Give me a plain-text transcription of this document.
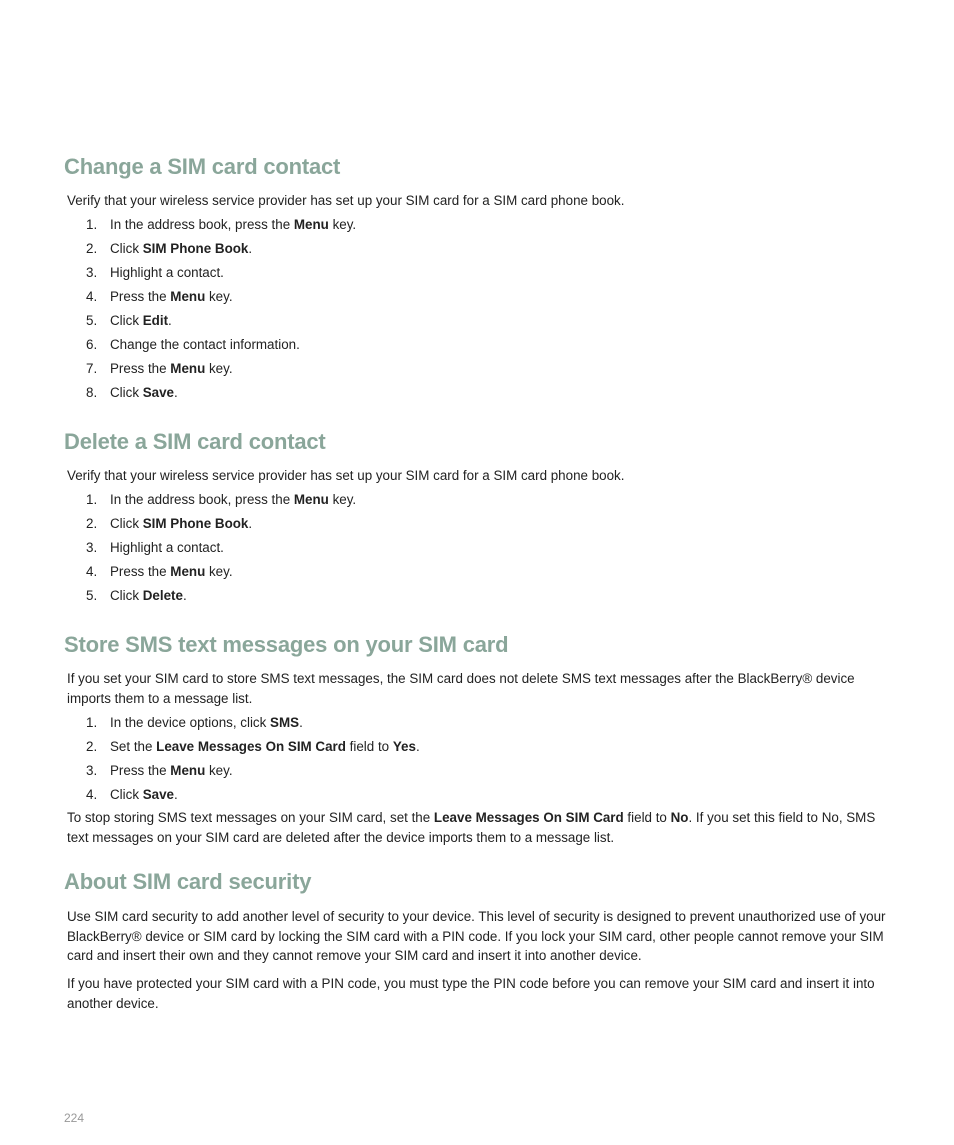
Change a SIM card contact

Verify that your wireless service provider has set up your SIM card for a SIM card phone book.

1. In the address book, press the Menu key.
2. Click SIM Phone Book.
3. Highlight a contact.
4. Press the Menu key.
5. Click Edit.
6. Change the contact information.
7. Press the Menu key.
8. Click Save.
Delete a SIM card contact

Verify that your wireless service provider has set up your SIM card for a SIM card phone book.

1. In the address book, press the Menu key.
2. Click SIM Phone Book.
3. Highlight a contact.
4. Press the Menu key.
5. Click Delete.
Store SMS text messages on your SIM card

If you set your SIM card to store SMS text messages, the SIM card does not delete SMS text messages after the BlackBerry® device imports them to a message list.

1. In the device options, click SMS.
2. Set the Leave Messages On SIM Card field to Yes.
3. Press the Menu key.
4. Click Save.

To stop storing SMS text messages on your SIM card, set the Leave Messages On SIM Card field to No. If you set this field to No, SMS text messages on your SIM card are deleted after the device imports them to a message list.

About SIM card security

Use SIM card security to add another level of security to your device. This level of security is designed to prevent unauthorized use of your BlackBerry® device or SIM card by locking the SIM card with a PIN code. If you lock your SIM card, other people cannot remove your SIM card and insert their own and they cannot remove your SIM card and insert it into another device.

If you have protected your SIM card with a PIN code, you must type the PIN code before you can remove your SIM card and insert it into another device.

224
